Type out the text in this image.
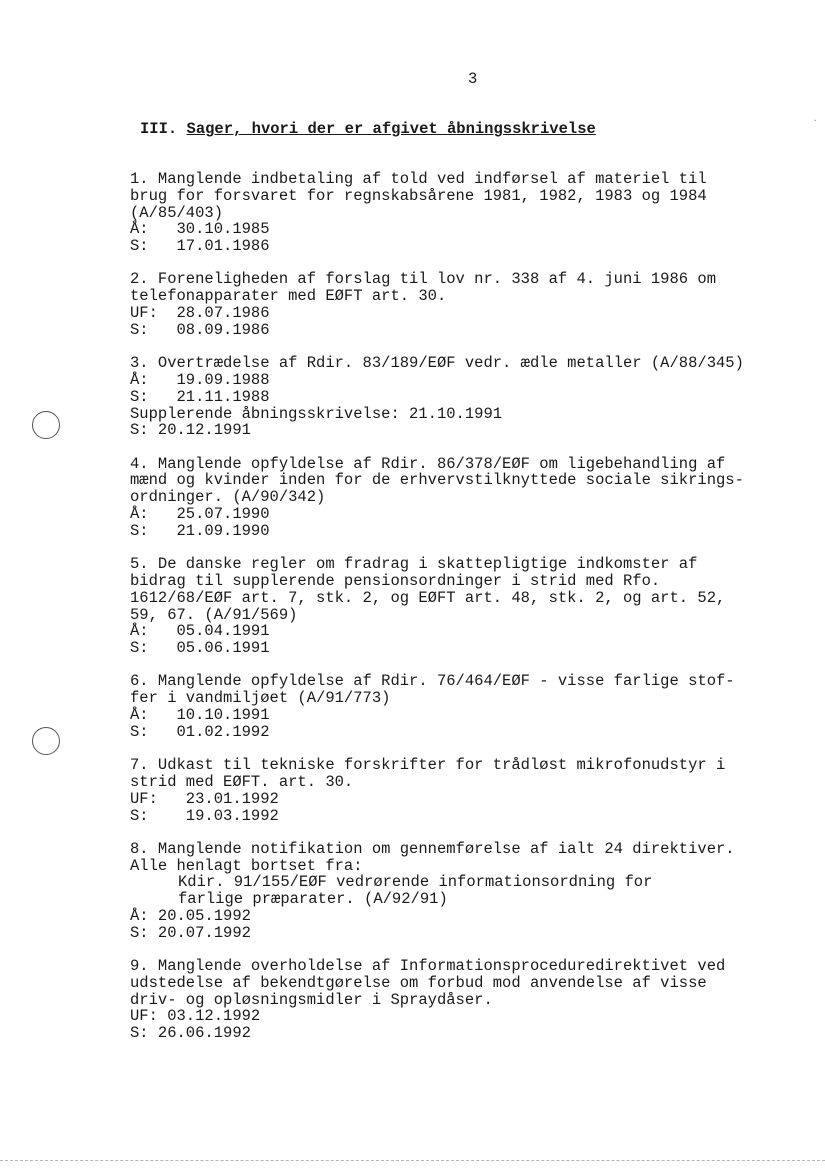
`
3
III. Sager, hvori der er afgivet åbningsskrivelse
1. Manglende indbetaling af told ved indførsel af materiel til
brug for forsvaret for regnskabsårene 1981, 1982, 1983 og 1984
(A/85/403)
Å:   30.10.1985
S:   17.01.1986
2. Foreneligheden af forslag til lov nr. 338 af 4. juni 1986 om
telefonapparater med EØFT art. 30.
UF:  28.07.1986
S:   08.09.1986
3. Overtrædelse af Rdir. 83/189/EØF vedr. ædle metaller (A/88/345)
Å:   19.09.1988
S:   21.11.1988
Supplerende åbningsskrivelse: 21.10.1991
S: 20.12.1991
4. Manglende opfyldelse af Rdir. 86/378/EØF om ligebehandling af
mænd og kvinder inden for de erhvervstilknyttede sociale sikrings-
ordninger. (A/90/342)
Å:   25.07.1990
S:   21.09.1990
5. De danske regler om fradrag i skattepligtige indkomster af
bidrag til supplerende pensionsordninger i strid med Rfo.
1612/68/EØF art. 7, stk. 2, og EØFT art. 48, stk. 2, og art. 52,
59, 67. (A/91/569)
Å:   05.04.1991
S:   05.06.1991
6. Manglende opfyldelse af Rdir. 76/464/EØF - visse farlige stof-
fer i vandmiljøet (A/91/773)
Å:   10.10.1991
S:   01.02.1992
7. Udkast til tekniske forskrifter for trådløst mikrofonudstyr i
strid med EØFT. art. 30.
UF:   23.01.1992
S:    19.03.1992
8. Manglende notifikation om gennemførelse af ialt 24 direktiver.
Alle henlagt bortset fra:
Kdir. 91/155/EØF vedrørende informationsordning for
farlige præparater. (A/92/91)
Å: 20.05.1992
S: 20.07.1992
9. Manglende overholdelse af Informationsproceduredirektivet ved
udstedelse af bekendtgørelse om forbud mod anvendelse af visse
driv- og opløsningsmidler i Spraydåser.
UF: 03.12.1992
S: 26.06.1992
